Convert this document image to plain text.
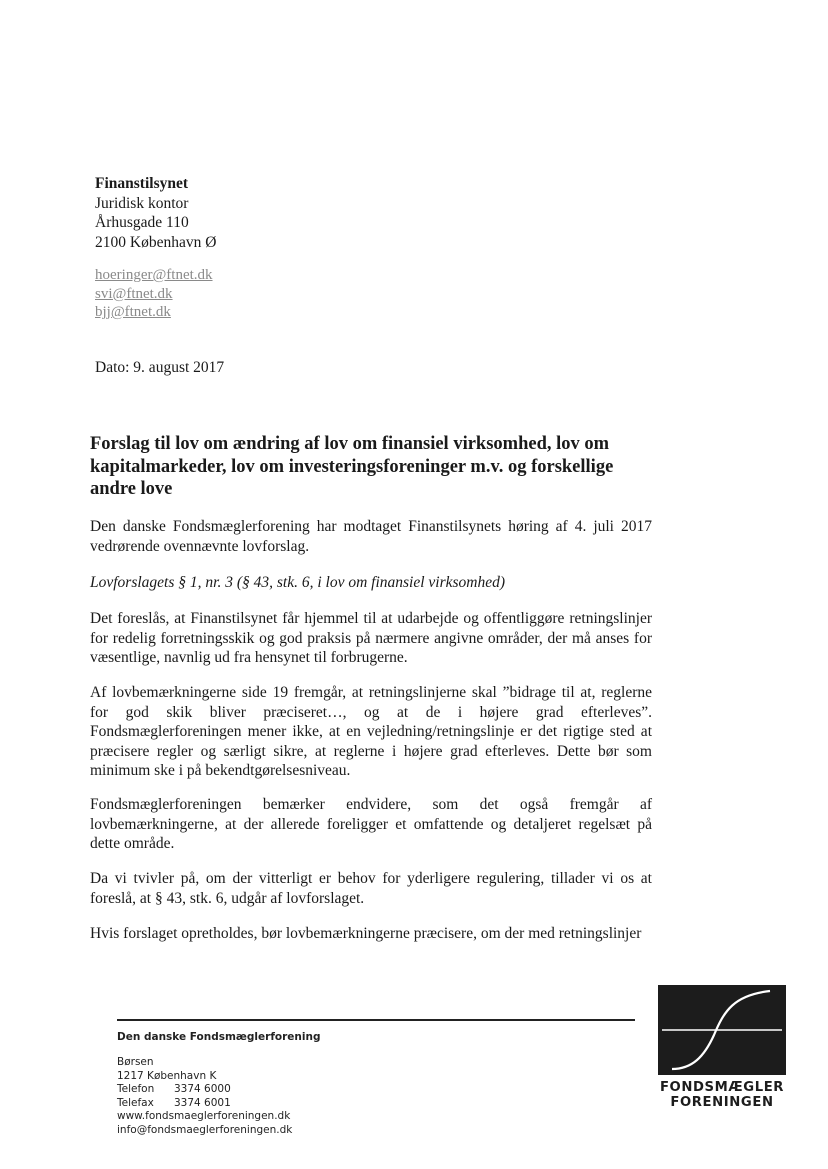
Finanstilsynet
Juridisk kontor
Århusgade 110
2100 København Ø
hoeringer@ftnet.dk
svi@ftnet.dk
bjj@ftnet.dk
Dato: 9. august 2017
Forslag til lov om ændring af lov om finansiel virksomhed, lov om kapitalmarkeder, lov om investeringsforeninger m.v. og forskellige andre love
Den danske Fondsmæglerforening har modtaget Finanstilsynets høring af 4. juli 2017 vedrørende ovennævnte lovforslag.
Lovforslagets § 1, nr. 3 (§ 43, stk. 6, i lov om finansiel virksomhed)
Det foreslås, at Finanstilsynet får hjemmel til at udarbejde og offentliggøre retningslinjer for redelig forretningsskik og god praksis på nærmere angivne områder, der må anses for væsentlige, navnlig ud fra hensynet til forbrugerne.
Af lovbemærkningerne side 19 fremgår, at retningslinjerne skal ”bidrage til at, reglerne for god skik bliver præciseret…, og at de i højere grad efterleves”. Fondsmæglerforeningen mener ikke, at en vejledning/retningslinje er det rigtige sted at præcisere regler og særligt sikre, at reglerne i højere grad efterleves. Dette bør som minimum ske i på bekendtgørelsesniveau.
Fondsmæglerforeningen bemærker endvidere, som det også fremgår af lovbemærkningerne, at der allerede foreligger et omfattende og detaljeret regelsæt på dette område.
Da vi tvivler på, om der vitterligt er behov for yderligere regulering, tillader vi os at foreslå, at § 43, stk. 6, udgår af lovforslaget.
Hvis forslaget opretholdes, bør lovbemærkningerne præcisere, om der med retningslinjer
Den danske Fondsmæglerforening
Børsen
1217 København K
Telefon 3374 6000
Telefax 3374 6001
www.fondsmaeglerforeningen.dk
info@fondsmaeglerforeningen.dk
FONDSMÆGLER
FORENINGEN
